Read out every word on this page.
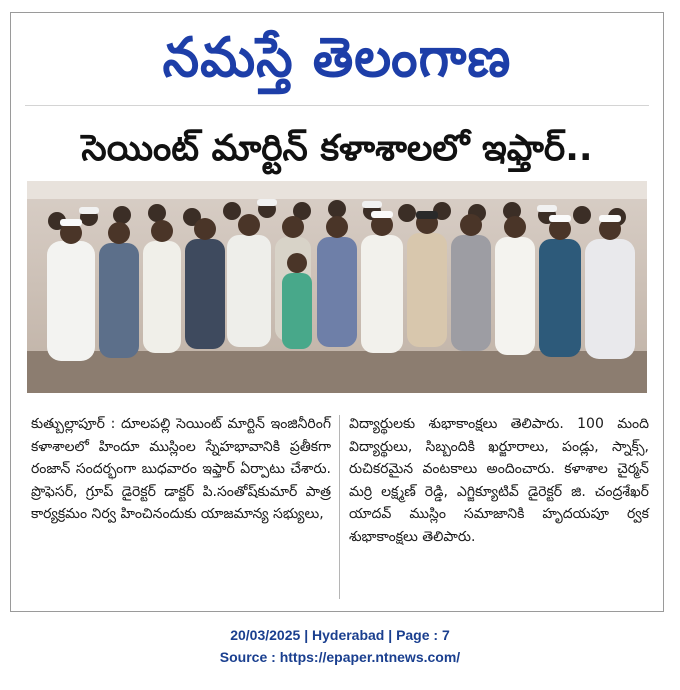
నమస్తే తెలంగాణ
సెయింట్ మార్టిన్ కళాశాలలో ఇఫ్తార్..

కుత్బుల్లాపూర్ : దూలపల్లి సెయింట్ మార్టిన్ ఇంజినీరింగ్ కళాశాలలో హిందూ ముస్లింల స్నేహభావానికి ప్రతీకగా రంజాన్ సందర్భంగా బుధవారం ఇఫ్తార్ ఏర్పాటు చేశారు. ప్రొఫెసర్, గ్రూప్ డైరెక్టర్ డాక్టర్ పి.సంతోష్‌కుమార్ పాత్ర కార్యక్రమం నిర్వ హించినందుకు యాజమాన్య సభ్యులు,

విద్యార్థులకు శుభాకాంక్షలు తెలిపారు. 100 మంది విద్యార్థులు, సిబ్బందికి ఖర్జూరాలు, పండ్లు, స్నాక్స్, రుచికరమైన వంటకాలు అందించారు. కళాశాల చైర్మన్ మర్రి లక్ష్మణ్ రెడ్డి, ఎగ్జిక్యూటివ్ డైరెక్టర్ జి. చంద్రశేఖర్ యాదవ్ ముస్లిం సమాజానికి హృదయపూ ర్వక శుభాకాంక్షలు తెలిపారు.

20/03/2025 | Hyderabad | Page : 7
Source : https://epaper.ntnews.com/
